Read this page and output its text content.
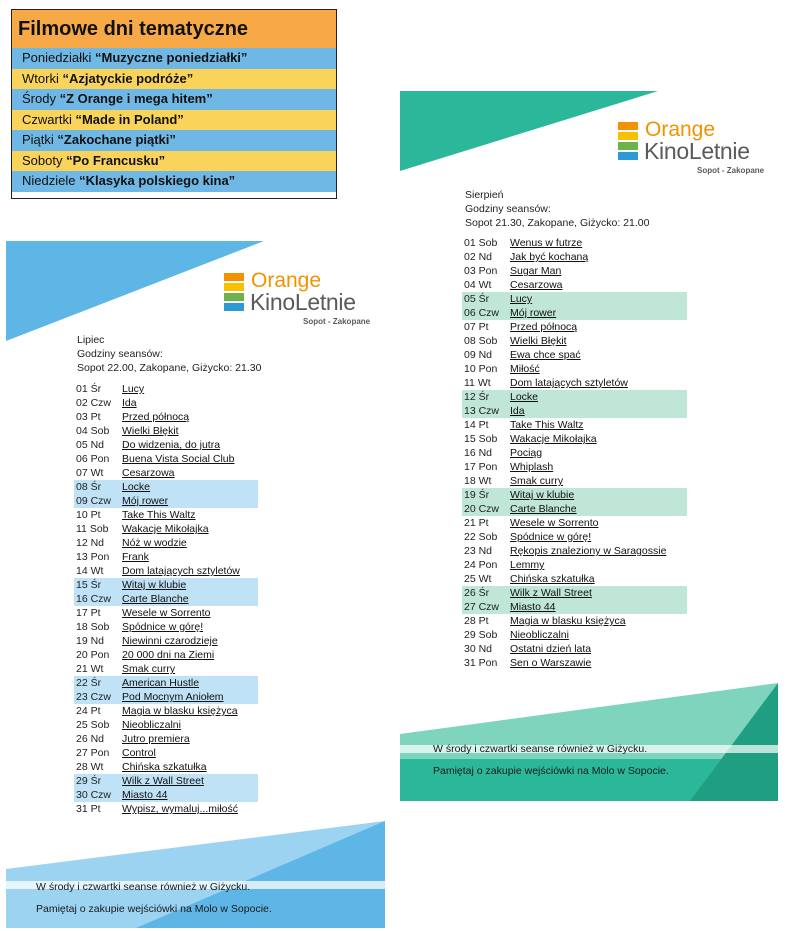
Filmowe dni tematyczne
Poniedziałki “Muzyczne poniedziałki”
Wtorki “Azjatyckie podróże”
Środy “Z Orange i mega hitem”
Czwartki “Made in Poland”
Piątki “Zakochane piątki”
Soboty “Po Francusku”
Niedziele “Klasyka polskiego kina”
Orange
KinoLetnie
Sopot - Zakopane
Lipiec
Godziny seansów:
Sopot 22.00, Zakopane, Giżycko: 21.30
01 Śr Lucy
02 Czw Ida
03 Pt Przed północą
04 Sob Wielki Błękit
05 Nd Do widzenia, do jutra
06 Pon Buena Vista Social Club
07 Wt Cesarzowa
08 Śr Locke
09 Czw Mój rower
10 Pt Take This Waltz
11 Sob Wakacje Mikołajka
12 Nd Nóż w wodzie
13 Pon Frank
14 Wt Dom latających sztyletów
15 Śr Witaj w klubie
16 Czw Carte Blanche
17 Pt Wesele w Sorrento
18 Sob Spódnice w górę!
19 Nd Niewinni czarodzieje
20 Pon 20 000 dni na Ziemi
21 Wt Smak curry
22 Śr American Hustle
23 Czw Pod Mocnym Aniołem
24 Pt Magia w blasku księżyca
25 Sob Nieobliczalni
26 Nd Jutro premiera
27 Pon Control
28 Wt Chińska szkatułka
29 Śr Wilk z Wall Street
30 Czw Miasto 44
31 Pt Wypisz, wymaluj...miłość
W środy i czwartki seanse również w Giżycku.
Pamiętaj o zakupie wejściówki na Molo w Sopocie.
Orange
KinoLetnie
Sopot - Zakopane
Sierpień
Godziny seansów:
Sopot 21.30, Zakopane, Giżycko: 21.00
01 Sob Wenus w futrze
02 Nd Jak być kochaną
03 Pon Sugar Man
04 Wt Cesarzowa
05 Śr Lucy
06 Czw Mój rower
07 Pt Przed północą
08 Sob Wielki Błękit
09 Nd Ewa chce spać
10 Pon Miłość
11 Wt Dom latających sztyletów
12 Śr Locke
13 Czw Ida
14 Pt Take This Waltz
15 Sob Wakacje Mikołajka
16 Nd Pociąg
17 Pon Whiplash
18 Wt Smak curry
19 Śr Witaj w klubie
20 Czw Carte Blanche
21 Pt Wesele w Sorrento
22 Sob Spódnice w górę!
23 Nd Rękopis znaleziony w Saragossie
24 Pon Lemmy
25 Wt Chińska szkatułka
26 Śr Wilk z Wall Street
27 Czw Miasto 44
28 Pt Magia w blasku księżyca
29 Sob Nieobliczalni
30 Nd Ostatni dzień lata
31 Pon Sen o Warszawie
W środy i czwartki seanse również w Giżycku.
Pamiętaj o zakupie wejściówki na Molo w Sopocie.
